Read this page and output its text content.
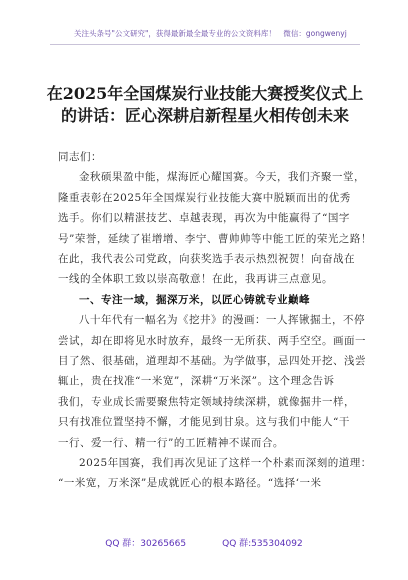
关注头条号"公文研究"，获得最新最全最专业的公文资料库！　微信：gongwenyj
在2025年全国煤炭行业技能大赛授奖仪式上
的讲话：匠心深耕启新程星火相传创未来
同志们：
金秋硕果盈中能，煤海匠心耀国赛。今天，我们齐聚一堂，
隆重表彰在2025年全国煤炭行业技能大赛中脱颖而出的优秀
选手。你们以精湛技艺、卓越表现，再次为中能赢得了“国字
号”荣誉，延续了崔增增、李宁、曹帅帅等中能工匠的荣光之路！
在此，我代表公司党政，向获奖选手表示热烈祝贺！向奋战在
一线的全体职工致以崇高敬意！在此，我再讲三点意见。
一、专注一域，掘深万米，以匠心铸就专业巅峰
八十年代有一幅名为《挖井》的漫画：一人挥锹掘土，不停
尝试，却在即将见水时放弃，最终一无所获、两手空空。画面一
目了然、很基础，道理却不基础。为学做事，忌四处开挖、浅尝
辄止，贵在找准“一米宽”，深耕“万米深”。这个理念告诉
我们，专业成长需要聚焦特定领域持续深耕，就像掘井一样，
只有找准位置坚持不懈，才能见到甘泉。这与我们中能人“干
一行、爱一行、精一行”的工匠精神不谋而合。
2025年国赛，我们再次见证了这样一个朴素而深刻的道理：
“一米宽，万米深”是成就匠心的根本路径。“选择‘一米
QQ 群：30265665	QQ 群:535304092
